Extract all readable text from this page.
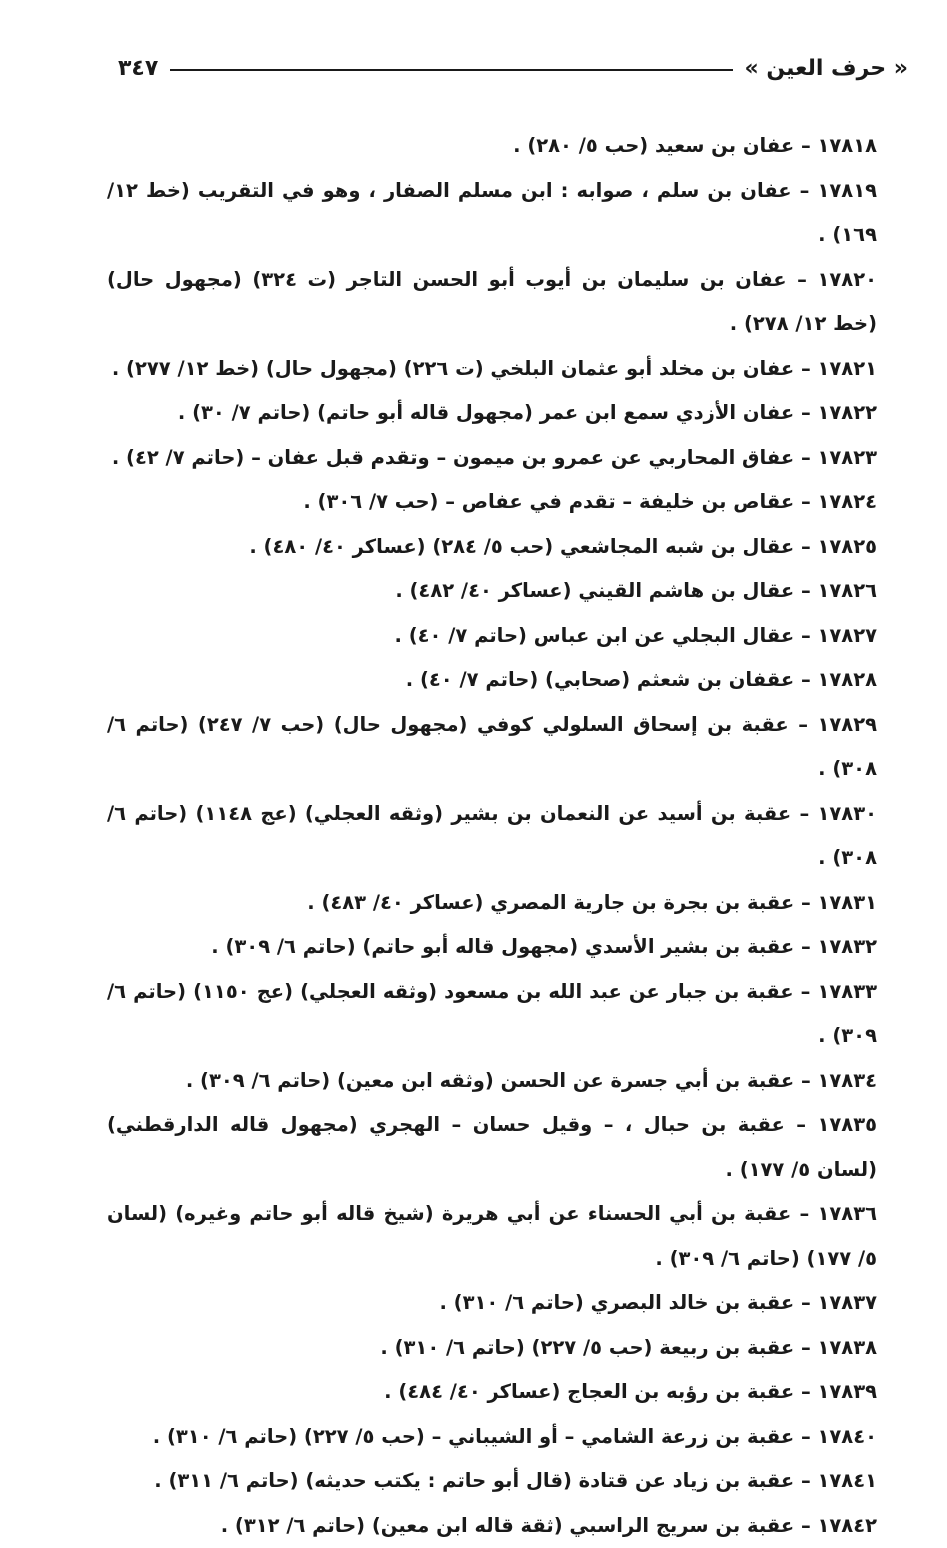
« حرف العين »
٣٤٧
١٧٨١٨ – عفان بن سعيد (حب ٥/ ٢٨٠) .
١٧٨١٩ – عفان بن سلم ، صوابه : ابن مسلم الصفار ، وهو في التقريب (خط ١٢/ ١٦٩) .
١٧٨٢٠ – عفان بن سليمان بن أيوب أبو الحسن التاجر (ت ٣٢٤) (مجهول حال) (خط ١٢/ ٢٧٨) .
١٧٨٢١ – عفان بن مخلد أبو عثمان البلخي (ت ٢٢٦) (مجهول حال) (خط ١٢/ ٢٧٧) .
١٧٨٢٢ – عفان الأزدي سمع ابن عمر (مجهول قاله أبو حاتم) (حاتم ٧/ ٣٠) .
١٧٨٢٣ – عفاق المحاربي عن عمرو بن ميمون – وتقدم قبل عفان – (حاتم ٧/ ٤٢) .
١٧٨٢٤ – عقاص بن خليفة – تقدم في عفاص – (حب ٧/ ٣٠٦) .
١٧٨٢٥ – عقال بن شبه المجاشعي (حب ٥/ ٢٨٤) (عساكر ٤٠/ ٤٨٠) .
١٧٨٢٦ – عقال بن هاشم القيني (عساكر ٤٠/ ٤٨٢) .
١٧٨٢٧ – عقال البجلي عن ابن عباس (حاتم ٧/ ٤٠) .
١٧٨٢٨ – عقفان بن شعثم (صحابي) (حاتم ٧/ ٤٠) .
١٧٨٢٩ – عقبة بن إسحاق السلولي كوفي (مجهول حال) (حب ٧/ ٢٤٧) (حاتم ٦/ ٣٠٨) .
١٧٨٣٠ – عقبة بن أسيد عن النعمان بن بشير (وثقه العجلي) (عج ١١٤٨) (حاتم ٦/ ٣٠٨) .
١٧٨٣١ – عقبة بن بجرة بن جارية المصري (عساكر ٤٠/ ٤٨٣) .
١٧٨٣٢ – عقبة بن بشير الأسدي (مجهول قاله أبو حاتم) (حاتم ٦/ ٣٠٩) .
١٧٨٣٣ – عقبة بن جبار عن عبد الله بن مسعود (وثقه العجلي) (عج ١١٥٠) (حاتم ٦/ ٣٠٩) .
١٧٨٣٤ – عقبة بن أبي جسرة عن الحسن (وثقه ابن معين) (حاتم ٦/ ٣٠٩) .
١٧٨٣٥ – عقبة بن حبال ، – وقيل حسان – الهجري (مجهول قاله الدارقطني) (لسان ٥/ ١٧٧) .
١٧٨٣٦ – عقبة بن أبي الحسناء عن أبي هريرة (شيخ قاله أبو حاتم وغيره) (لسان ٥/ ١٧٧) (حاتم ٦/ ٣٠٩) .
١٧٨٣٧ – عقبة بن خالد البصري (حاتم ٦/ ٣١٠) .
١٧٨٣٨ – عقبة بن ربيعة (حب ٥/ ٢٢٧) (حاتم ٦/ ٣١٠) .
١٧٨٣٩ – عقبة بن رؤبه بن العجاج (عساكر ٤٠/ ٤٨٤) .
١٧٨٤٠ – عقبة بن زرعة الشامي – أو الشيباني – (حب ٥/ ٢٢٧) (حاتم ٦/ ٣١٠) .
١٧٨٤١ – عقبة بن زياد عن قتادة (قال أبو حاتم : يكتب حديثه) (حاتم ٦/ ٣١١) .
١٧٨٤٢ – عقبة بن سريج الراسبي (ثقة قاله ابن معين) (حاتم ٦/ ٣١٢) .
